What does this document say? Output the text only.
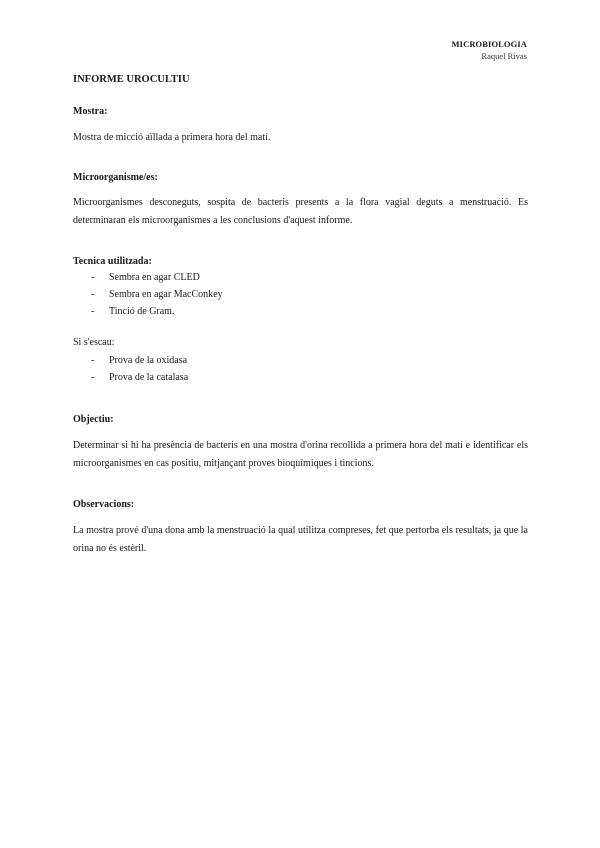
MICROBIOLOGIA
Raquel Rivas
INFORME UROCULTIU
Mostra:

Mostra de micció aïllada a primera hora del matí.

Microorganisme/es:

Microorganismes desconeguts, sospita de bacteris presents a la flora vagial deguts a menstruació. Es determinaran els microorganismes a les conclusions d'aquest informe.

Tecnica utilitzada:
- Sembra en agar CLED
- Sembra en agar MacConkey
- Tinció de Gram.

Si s'escau:

- Prova de la oxidasa
- Prova de la catalasa
Objectiu:

Determinar si hi ha presència de bacteris en una mostra d'orina recollida a primera hora del matí e identificar els microorganismes en cas positiu, mitjançant proves bioquímiques i tincions.

Observacions:

La mostra prové d'una dona amb la menstruació la qual utilitza compreses, fet que pertorba els resultats, ja que la orina no és estèril.
